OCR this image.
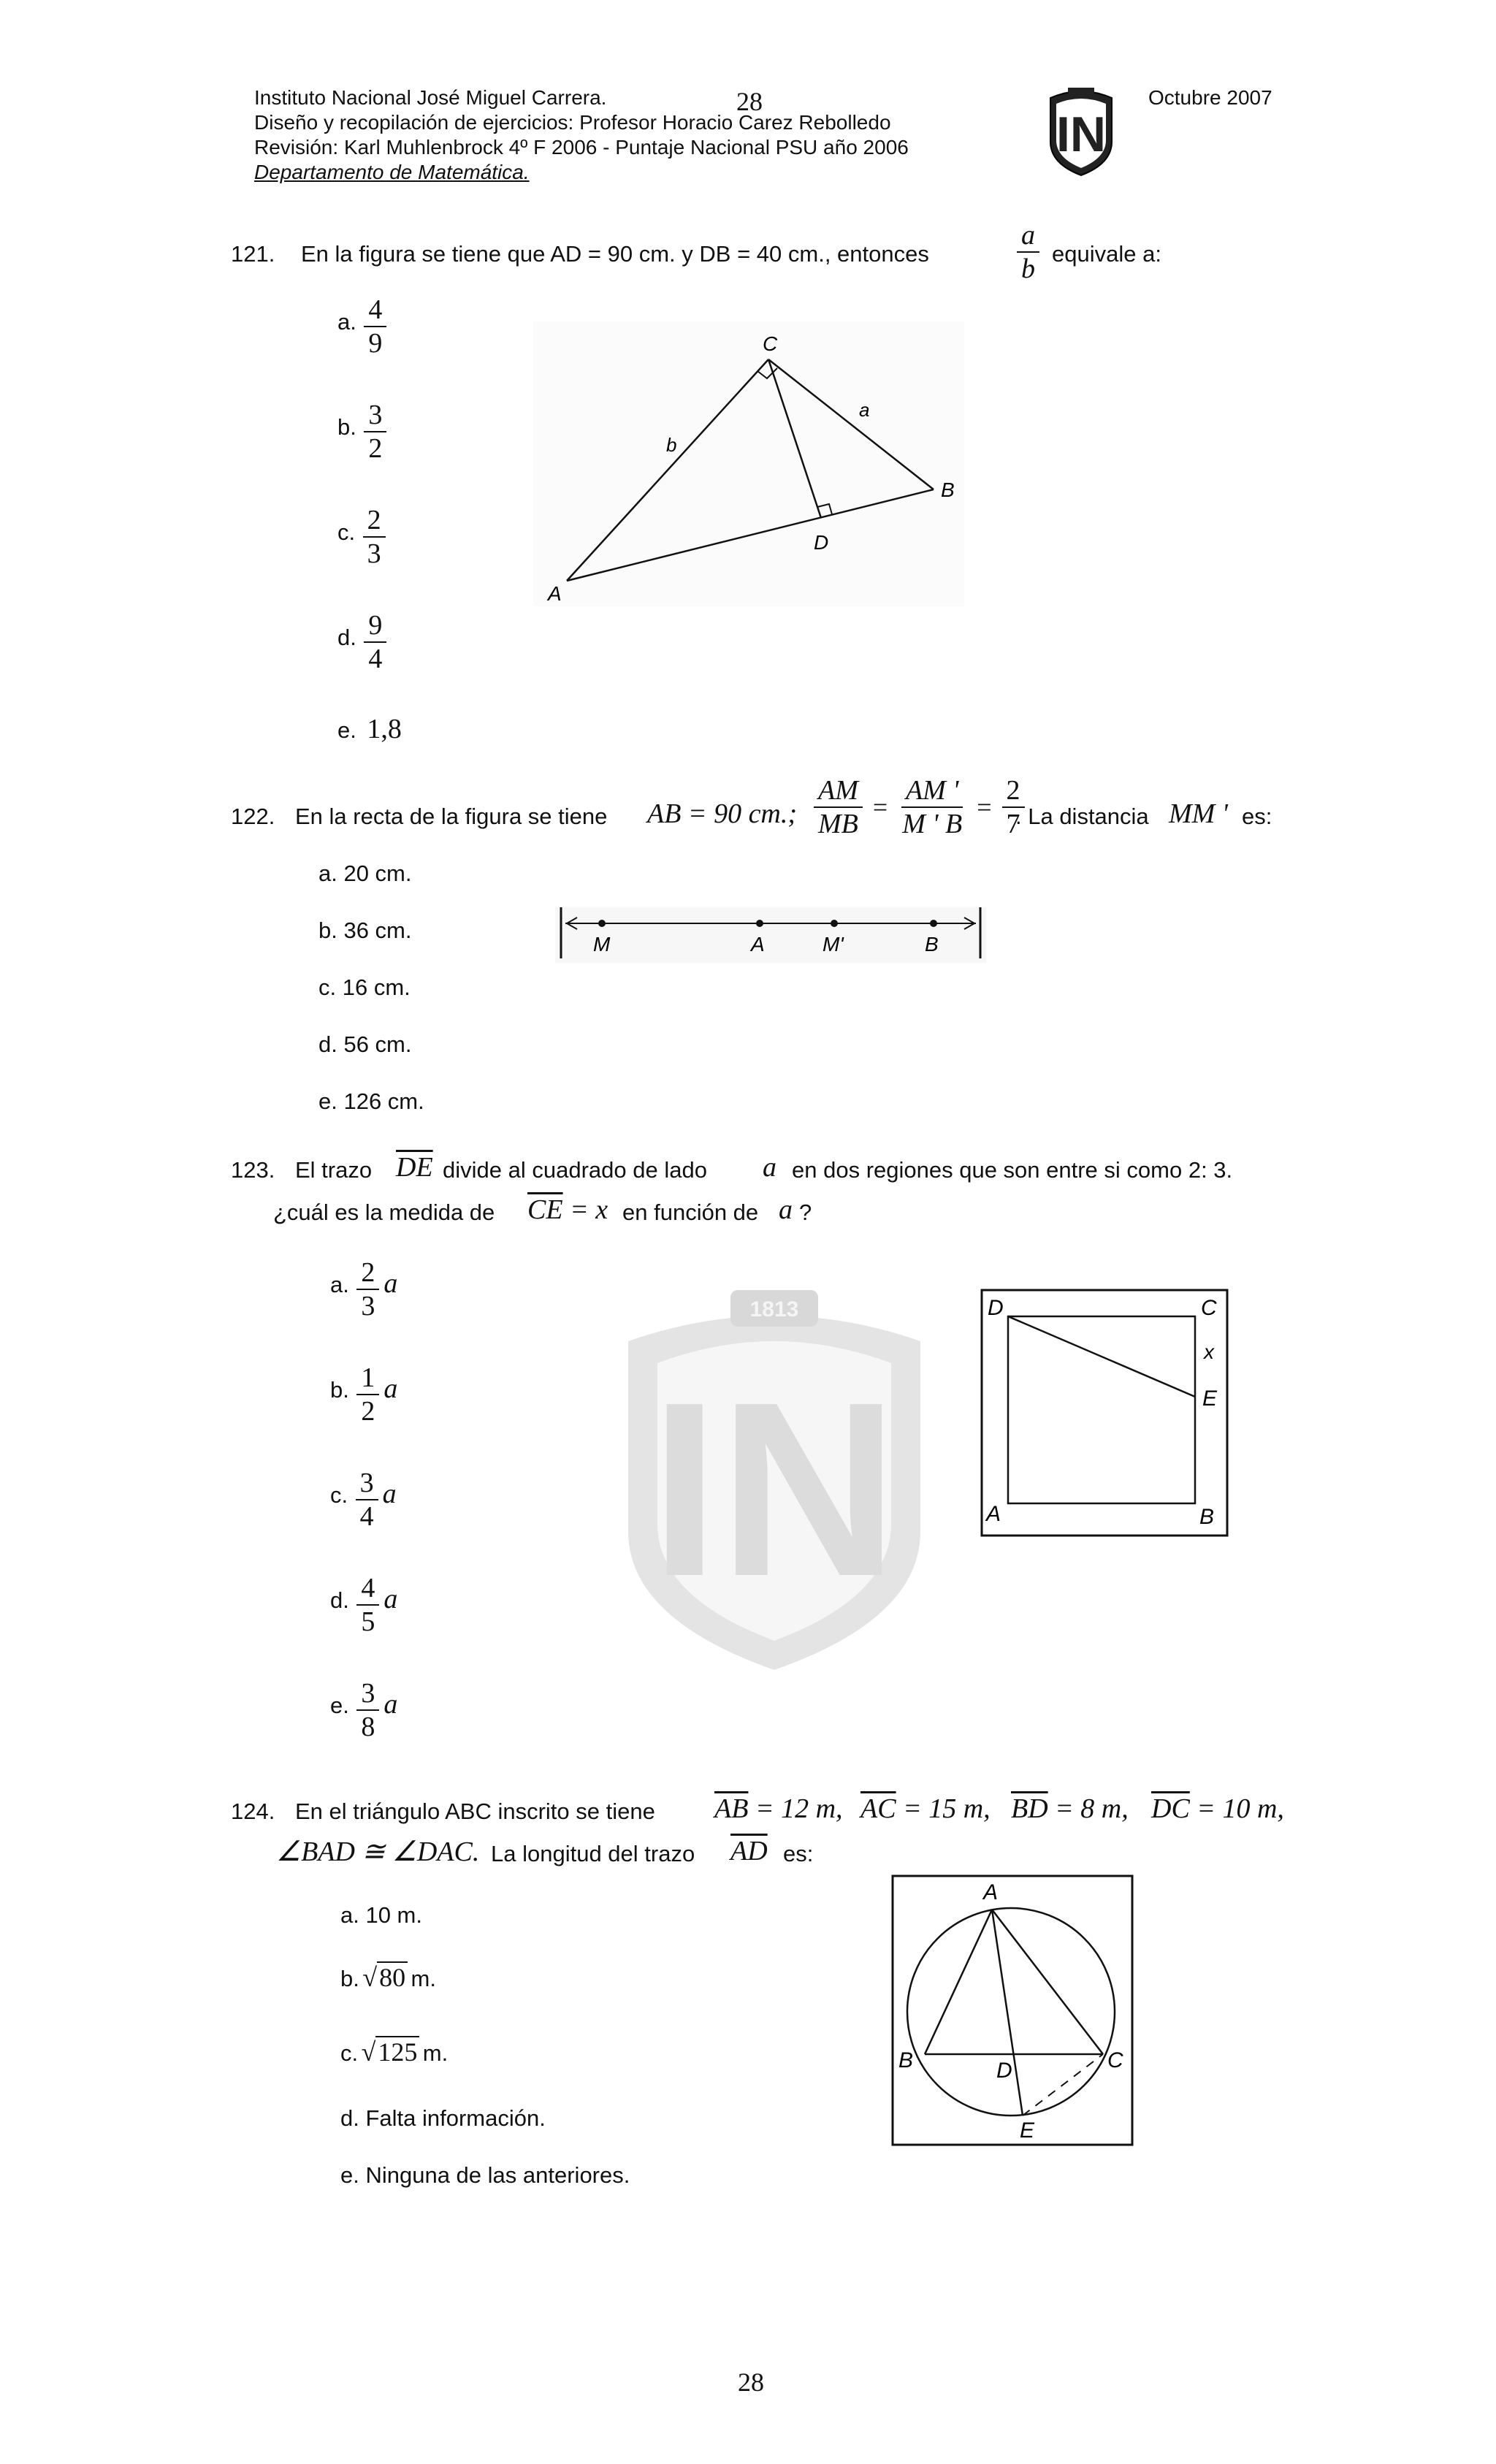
Instituto Nacional José Miguel Carrera.
Diseño y recopilación de ejercicios: Profesor Horacio Carez Rebolledo
Revisión: Karl Muhlenbrock 4º F 2006 - Puntaje Nacional PSU año 2006
Departamento de Matemática.
28	Octubre 2007
IN
121. En la figura se tiene que AD = 90 cm. y DB = 40 cm., entonces	$\frac{a}{b}$ equivale a:
a. $\frac{4}{9}$
b. $\frac{3}{2}$
c. $\frac{2}{3}$
d. $\frac{9}{4}$
e. 1,8
C
B
A
D
a
b
122. En la recta de la figura se tiene AB = 90 cm.; $\frac{AM}{MB} = \frac{AM '}{M ' B} = \frac{2}{7}$
. La distancia MM ' es:
a. 20 cm.
b. 36 cm.
c. 16 cm.
d. 56 cm.
e. 126 cm.
M	A	M'	B
123. El trazo $\overline{DE}$ divide al cuadrado de lado a en dos regiones que son entre si como 2: 3.
¿cuál es la medida de $\overline{CE} = x$ en función de a ?
a. $\frac{2}{3}$ a
b. $\frac{1}{2}$ a
c. $\frac{3}{4}$ a
d. $\frac{4}{5}$ a
e. $\frac{3}{8}$ a
1813
IN
D	C
x
E
A	B
124. En el triángulo ABC inscrito se tiene $\overline{AB} = 12$ m, $\overline{AC} = 15$ m, $\overline{BD} = 8$ m, $\overline{DC} = 10$ m,
∠BAD ≅ ∠DAC. La longitud del trazo $\overline{AD}$ es:
a. 10 m.
b. √80 m.
c. √125 m.
d. Falta información.
e. Ninguna de las anteriores.
A
B	C
D
E
28
